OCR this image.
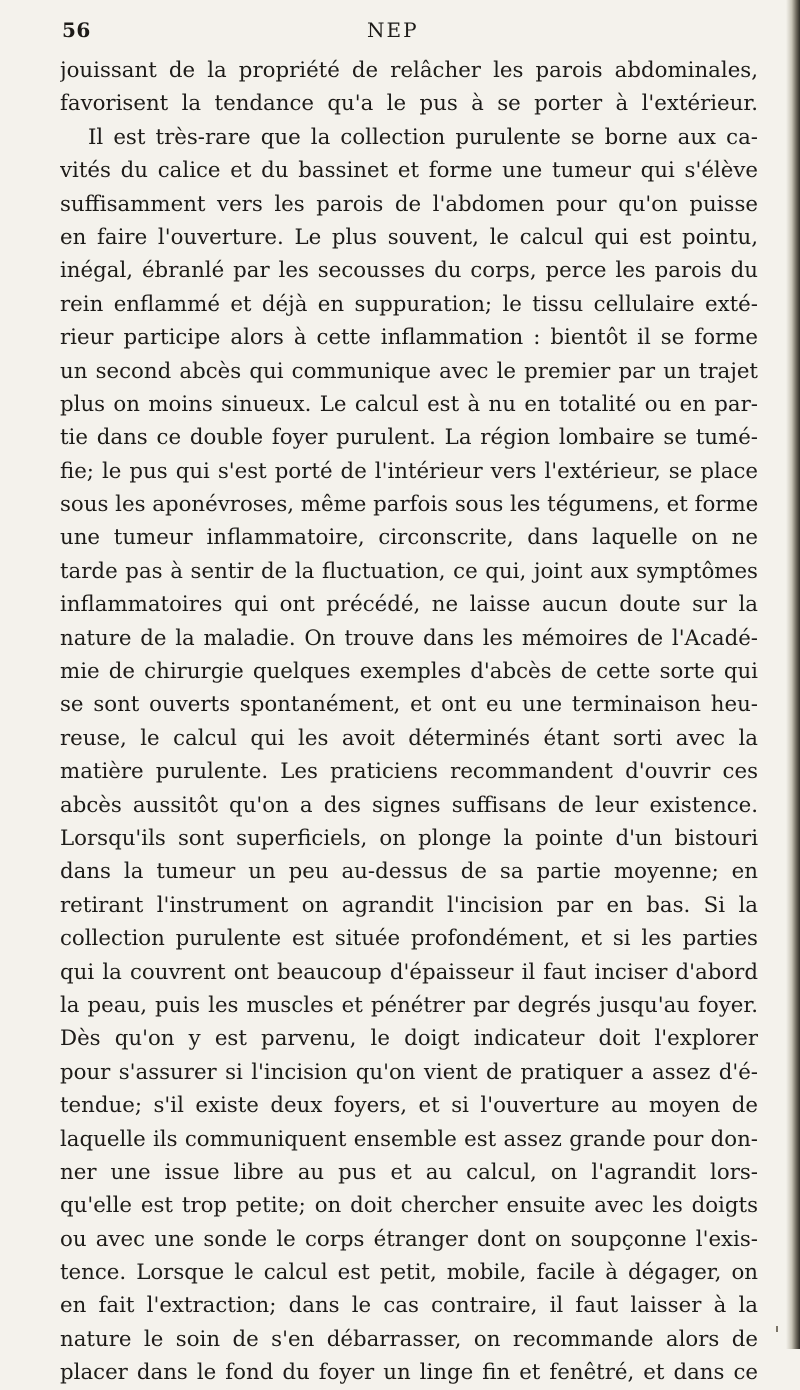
56	NEP
jouissant de la propriété de relâcher les parois abdominales,
favorisent la tendance qu'a le pus à se porter à l'extérieur.
Il est très-rare que la collection purulente se borne aux ca-
vités du calice et du bassinet et forme une tumeur qui s'élève
suffisamment vers les parois de l'abdomen pour qu'on puisse
en faire l'ouverture. Le plus souvent, le calcul qui est pointu,
inégal, ébranlé par les secousses du corps, perce les parois du
rein enflammé et déjà en suppuration; le tissu cellulaire exté-
rieur participe alors à cette inflammation : bientôt il se forme
un second abcès qui communique avec le premier par un trajet
plus on moins sinueux. Le calcul est à nu en totalité ou en par-
tie dans ce double foyer purulent. La région lombaire se tumé-
fie; le pus qui s'est porté de l'intérieur vers l'extérieur, se place
sous les aponévroses, même parfois sous les tégumens, et forme
une tumeur inflammatoire, circonscrite, dans laquelle on ne
tarde pas à sentir de la fluctuation, ce qui, joint aux symptômes
inflammatoires qui ont précédé, ne laisse aucun doute sur la
nature de la maladie. On trouve dans les mémoires de l'Acadé-
mie de chirurgie quelques exemples d'abcès de cette sorte qui
se sont ouverts spontanément, et ont eu une terminaison heu-
reuse, le calcul qui les avoit déterminés étant sorti avec la
matière purulente. Les praticiens recommandent d'ouvrir ces
abcès aussitôt qu'on a des signes suffisans de leur existence.
Lorsqu'ils sont superficiels, on plonge la pointe d'un bistouri
dans la tumeur un peu au-dessus de sa partie moyenne; en
retirant l'instrument on agrandit l'incision par en bas. Si la
collection purulente est située profondément, et si les parties
qui la couvrent ont beaucoup d'épaisseur il faut inciser d'abord
la peau, puis les muscles et pénétrer par degrés jusqu'au foyer.
Dès qu'on y est parvenu, le doigt indicateur doit l'explorer
pour s'assurer si l'incision qu'on vient de pratiquer a assez d'é-
tendue; s'il existe deux foyers, et si l'ouverture au moyen de
laquelle ils communiquent ensemble est assez grande pour don-
ner une issue libre au pus et au calcul, on l'agrandit lors-
qu'elle est trop petite; on doit chercher ensuite avec les doigts
ou avec une sonde le corps étranger dont on soupçonne l'exis-
tence. Lorsque le calcul est petit, mobile, facile à dégager, on
en fait l'extraction; dans le cas contraire, il faut laisser à la
nature le soin de s'en débarrasser, on recommande alors de
placer dans le fond du foyer un linge fin et fenêtré, et dans ce
